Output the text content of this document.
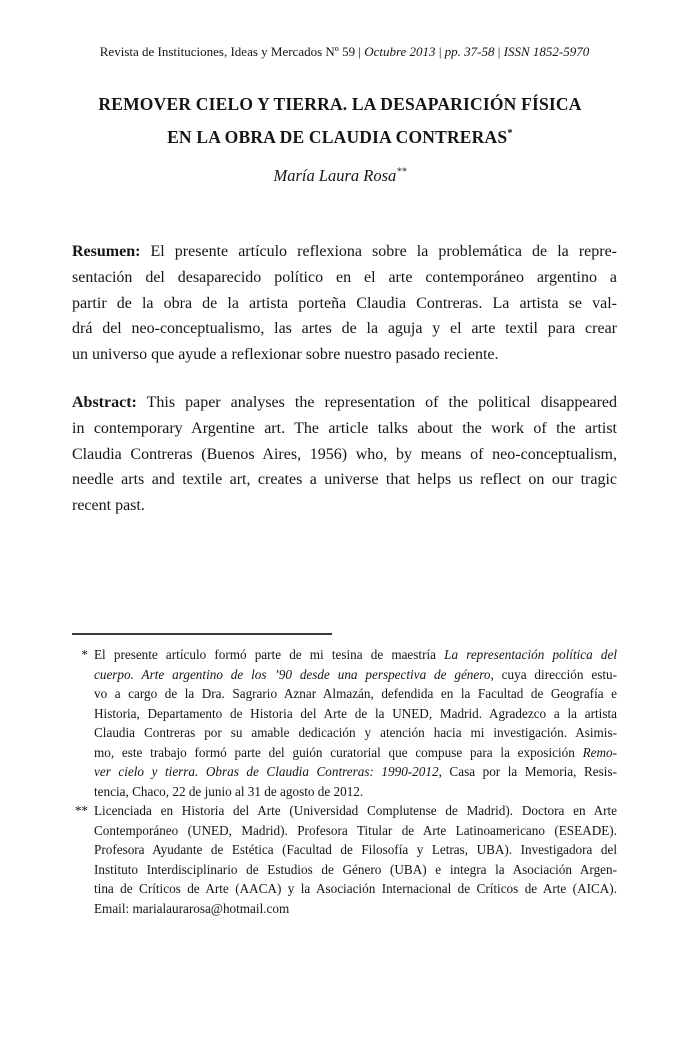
Revista de Instituciones, Ideas y Mercados Nº 59 | Octubre 2013 | pp. 37-58 | ISSN 1852-5970
REMOVER CIELO Y TIERRA. LA DESAPARICIÓN FÍSICA
EN LA OBRA DE CLAUDIA CONTRERAS*
María Laura Rosa**
Resumen: El presente artículo reflexiona sobre la problemática de la repre-
sentación del desaparecido político en el arte contemporáneo argentino a
partir de la obra de la artista porteña Claudia Contreras. La artista se val-
drá del neo-conceptualismo, las artes de la aguja y el arte textil para crear
un universo que ayude a reflexionar sobre nuestro pasado reciente.
Abstract: This paper analyses the representation of the political disappeared
in contemporary Argentine art. The article talks about the work of the artist
Claudia Contreras (Buenos Aires, 1956) who, by means of neo-conceptualism,
needle arts and textile art, creates a universe that helps us reflect on our tragic
recent past.
* El presente artículo formó parte de mi tesina de maestría La representación política del
cuerpo. Arte argentino de los ’90 desde una perspectiva de género, cuya dirección estu-
vo a cargo de la Dra. Sagrario Aznar Almazán, defendida en la Facultad de Geografía e
Historia, Departamento de Historia del Arte de la UNED, Madrid. Agradezco a la artista
Claudia Contreras por su amable dedicación y atención hacia mi investigación. Asimis-
mo, este trabajo formó parte del guión curatorial que compuse para la exposición Remo-
ver cielo y tierra. Obras de Claudia Contreras: 1990-2012, Casa por la Memoria, Resis-
tencia, Chaco, 22 de junio al 31 de agosto de 2012.
** Licenciada en Historia del Arte (Universidad Complutense de Madrid). Doctora en Arte
Contemporáneo (UNED, Madrid). Profesora Titular de Arte Latinoamericano (ESEADE).
Profesora Ayudante de Estética (Facultad de Filosofía y Letras, UBA). Investigadora del
Instituto Interdisciplinario de Estudios de Género (UBA) e integra la Asociación Argen-
tina de Críticos de Arte (AACA) y la Asociación Internacional de Críticos de Arte (AICA).
Email: marialaurarosa@hotmail.com
